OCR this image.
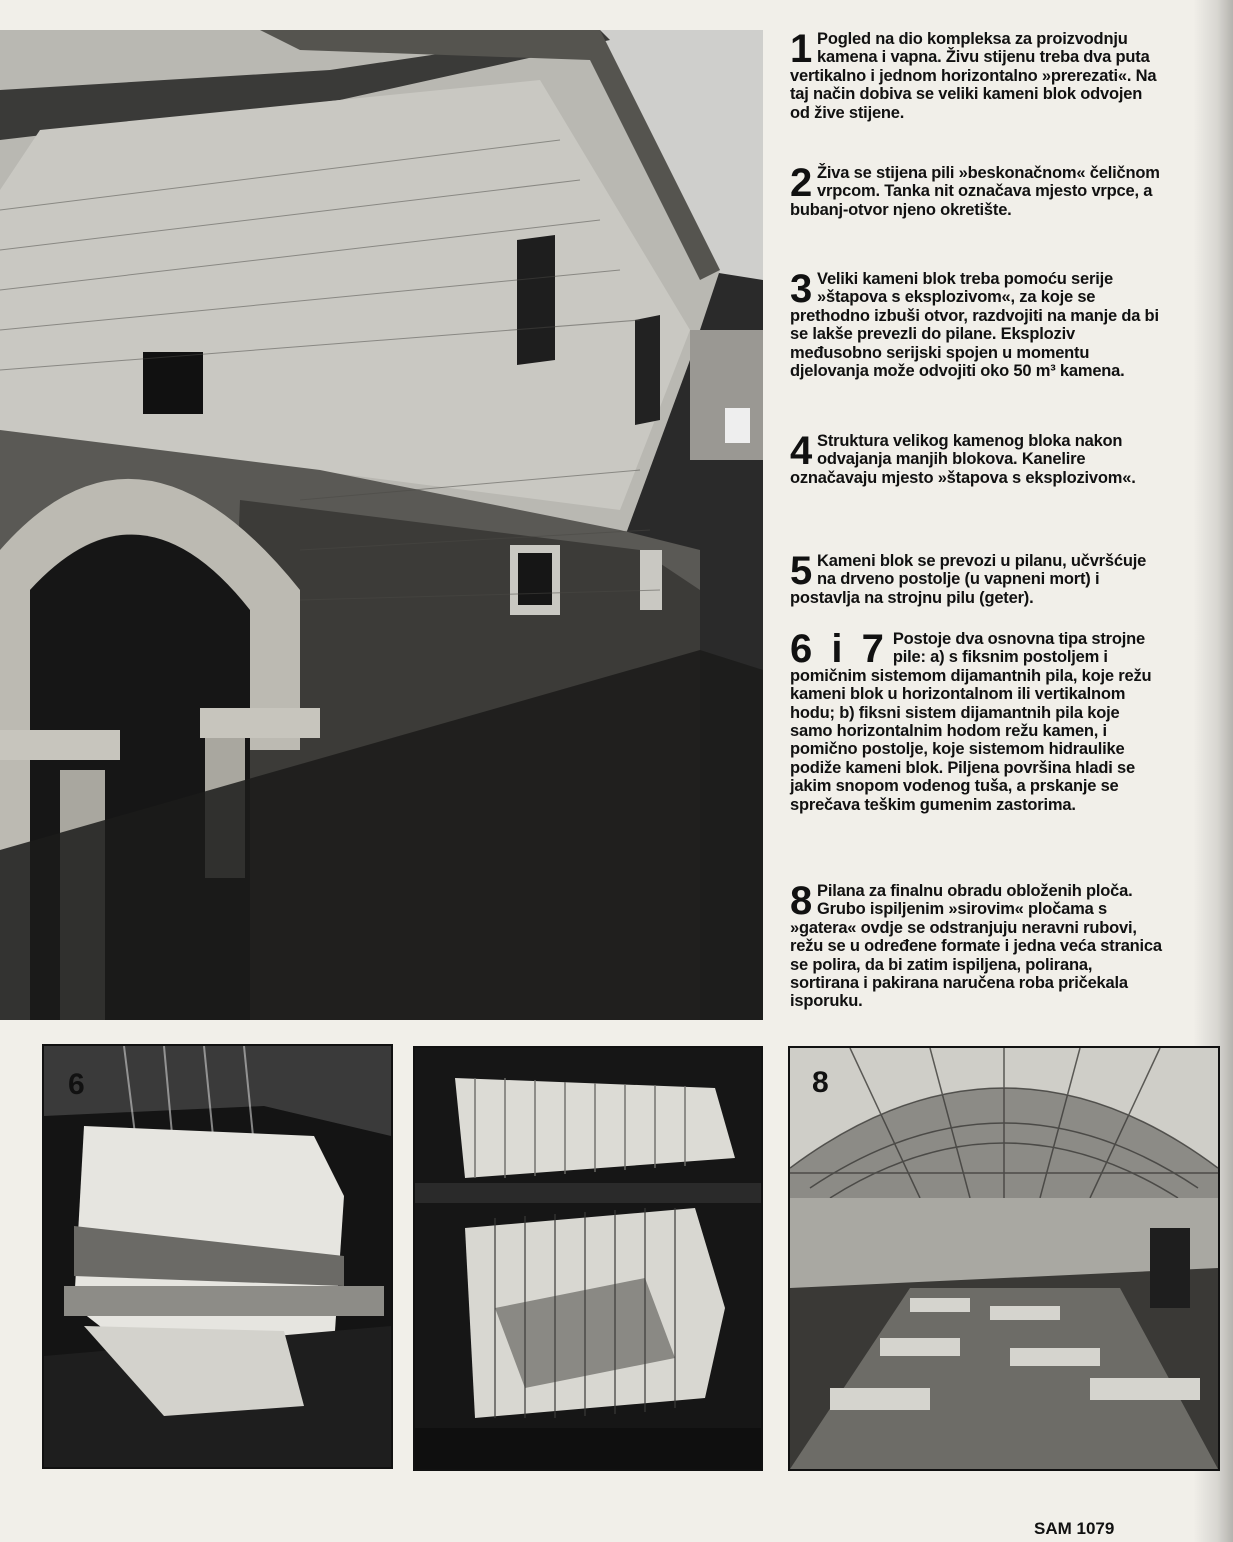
6	8
1 Pogled na dio kompleksa za proizvodnju kamena i vapna. Živu stijenu treba dva puta vertikalno i jednom horizontalno »prerezati«. Na taj način dobiva se veliki kameni blok odvojen od žive stijene.
2 Živa se stijena pili »beskonačnom« čeličnom vrpcom. Tanka nit označava mjesto vrpce, a bubanj-otvor njeno okretište.
3 Veliki kameni blok treba pomoću serije »štapova s eksplozivom«, za koje se prethodno izbuši otvor, razdvojiti na manje da bi se lakše prevezli do pilane. Eksploziv međusobno serijski spojen u momentu djelovanja može odvojiti oko 50 m³ kamena.
4 Struktura velikog kamenog bloka nakon odvajanja manjih blokova. Kanelire označavaju mjesto »štapova s eksplozivom«.
5 Kameni blok se prevozi u pilanu, učvršćuje na drveno postolje (u vapneni mort) i postavlja na strojnu pilu (geter).
6 i 7 Postoje dva osnovna tipa strojne pile: a) s fiksnim postoljem i pomičnim sistemom dijamantnih pila, koje režu kameni blok u horizontalnom ili vertikalnom hodu; b) fiksni sistem dijamantnih pila koje samo horizontalnim hodom režu kamen, i pomično postolje, koje sistemom hidraulike podiže kameni blok. Piljena površina hladi se jakim snopom vodenog tuša, a prskanje se sprečava teškim gumenim zastorima.
8 Pilana za finalnu obradu obloženih ploča. Grubo ispiljenim »sirovim« pločama s »gatera« ovdje se odstranjuju neravni rubovi, režu se u određene formate i jedna veća stranica se polira, da bi zatim ispiljena, polirana, sortirana i pakirana naručena roba pričekala isporuku.
SAM 1079
